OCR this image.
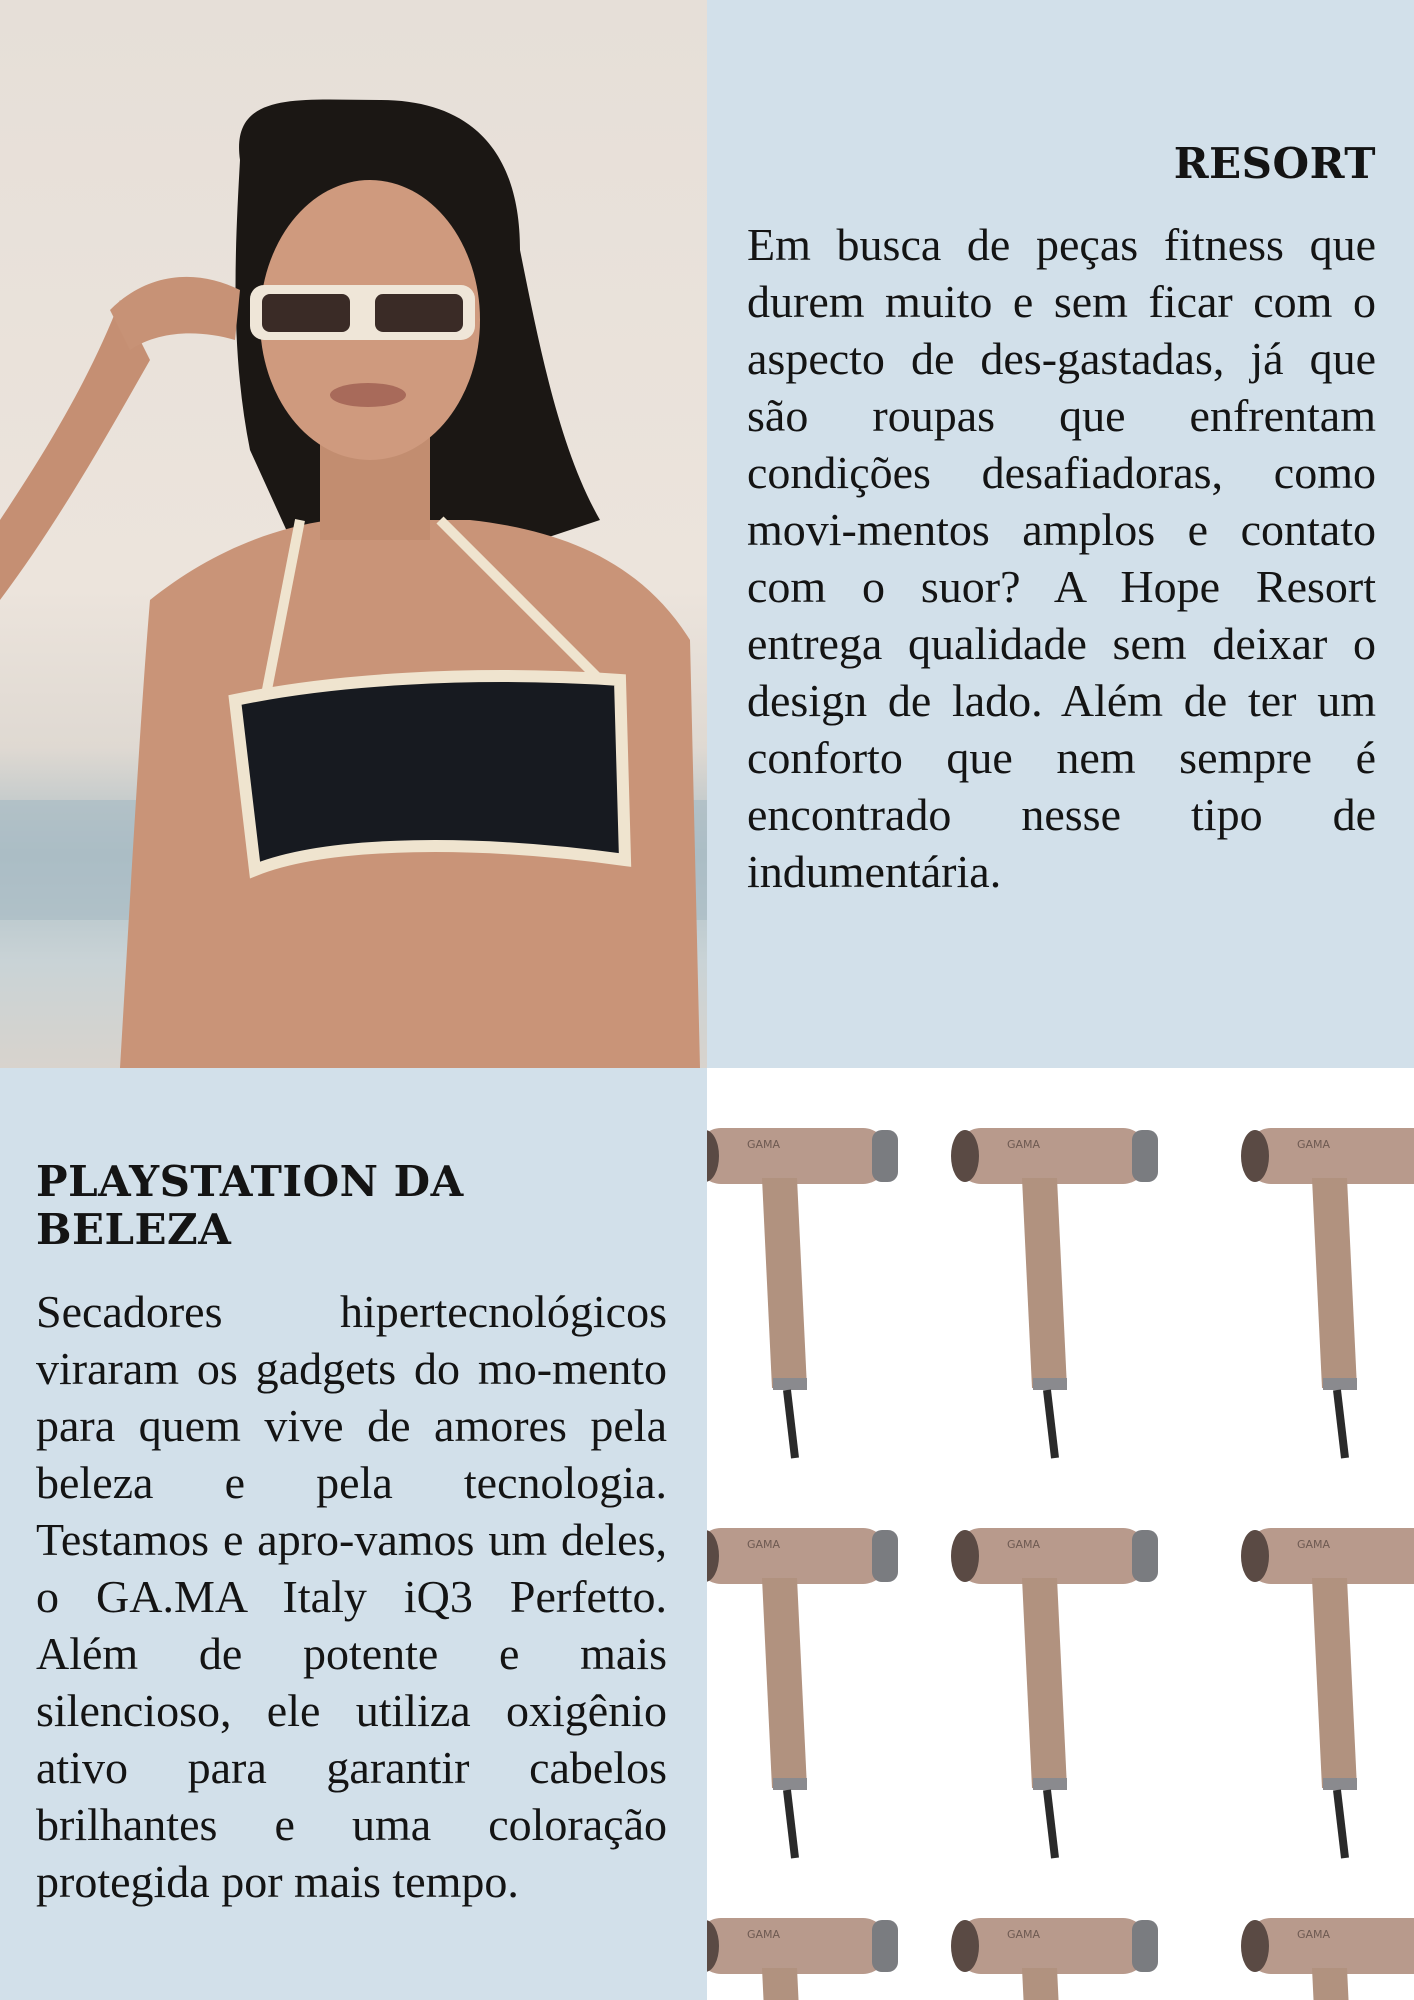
RESORT

Em busca de peças fitness que durem muito e sem ficar com o aspecto de des-gastadas, já que são roupas que enfrentam condições desafiadoras, como movi-mentos amplos e contato com o suor? A Hope Resort entrega qualidade sem deixar o design de lado. Além de ter um conforto que nem sempre é encontrado nesse tipo de indumentária.

PLAYSTATION DA BELEZA

Secadores hipertecnológicos viraram os gadgets do mo-mento para quem vive de amores pela beleza e pela tecnologia. Testamos e apro-vamos um deles, o GA.MA Italy iQ3 Perfetto. Além de potente e mais silencioso, ele utiliza oxigênio ativo para garantir cabelos brilhantes e uma coloração protegida por mais tempo.
